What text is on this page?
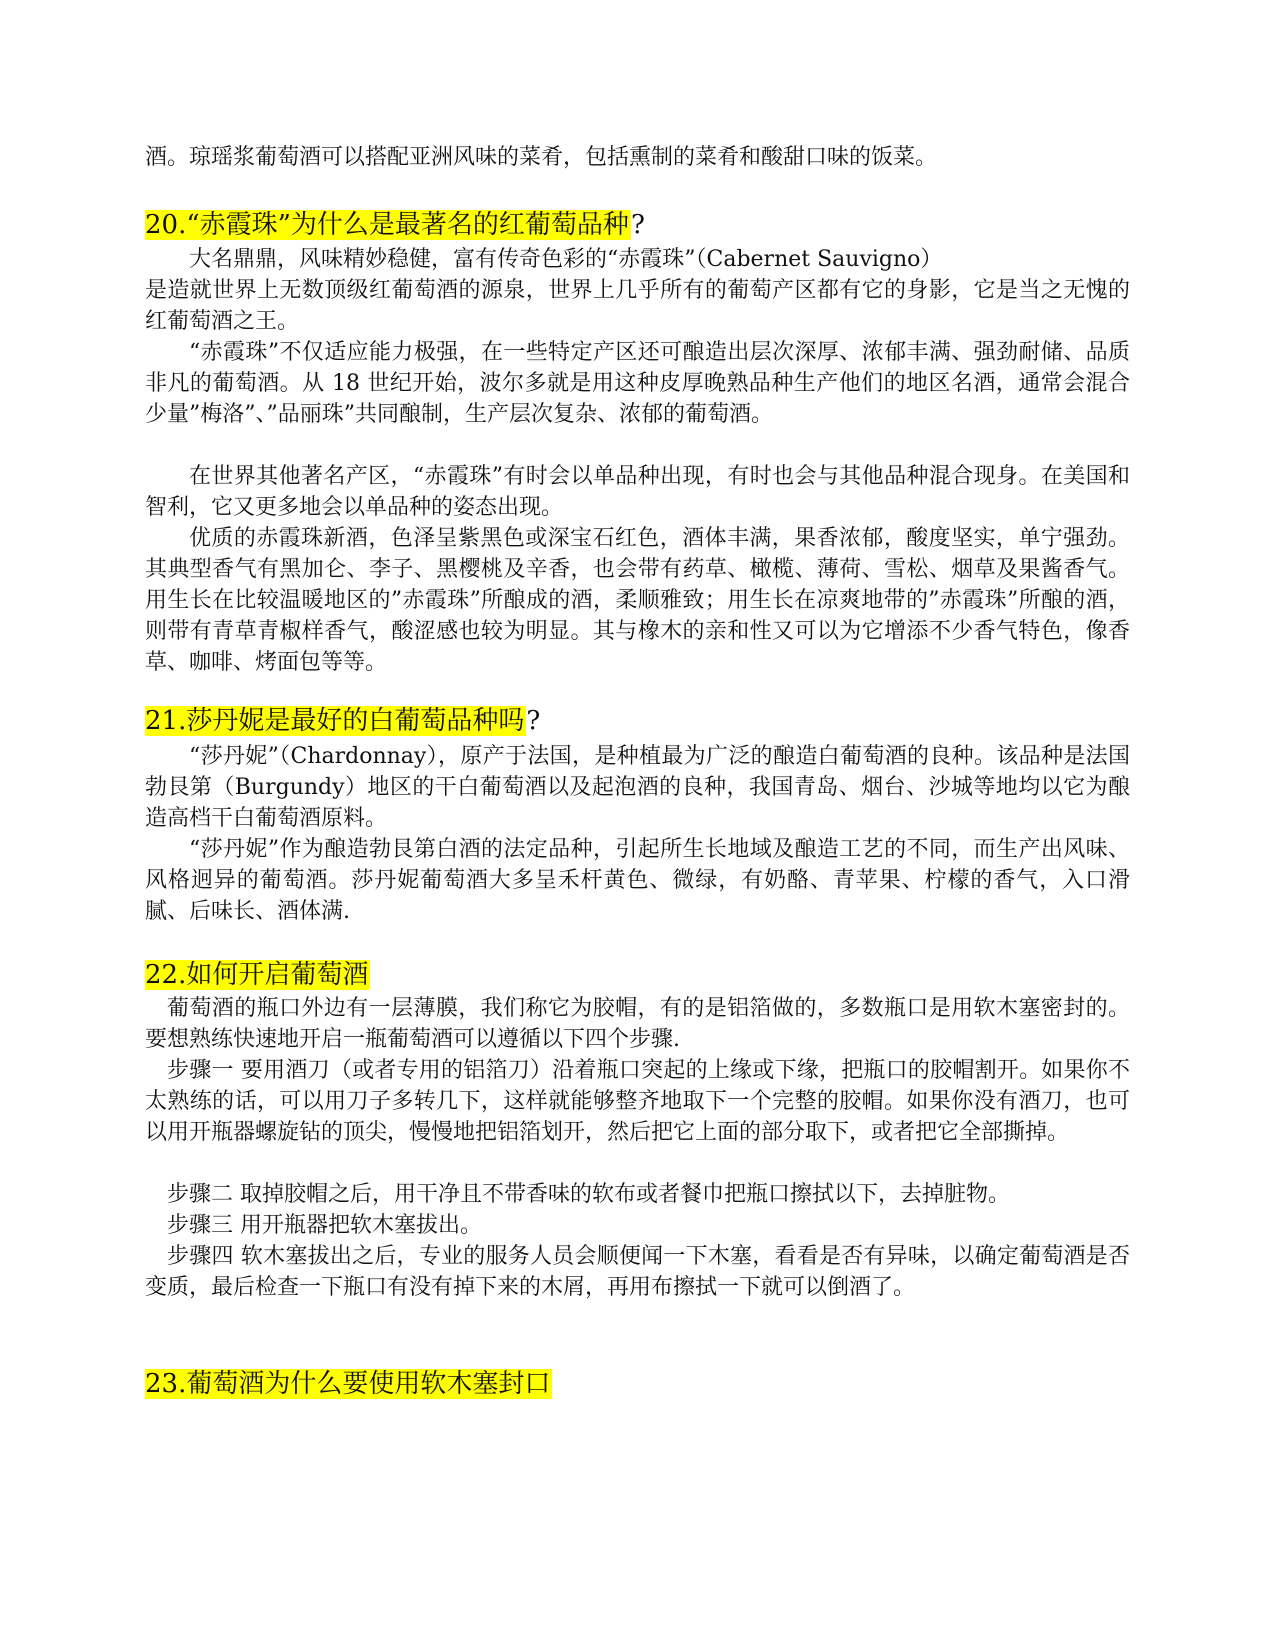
酒。琼瑶浆葡萄酒可以搭配亚洲风味的菜肴，包括熏制的菜肴和酸甜口味的饭菜。

20.“赤霞珠”为什么是最著名的红葡萄品种?

大名鼎鼎，风味精妙稳健，富有传奇色彩的“赤霞珠”（Cabernet Sauvigno）

是造就世界上无数顶级红葡萄酒的源泉，世界上几乎所有的葡萄产区都有它的身影，它是当之无愧的红葡萄酒之王。

“赤霞珠”不仅适应能力极强，在一些特定产区还可酿造出层次深厚、浓郁丰满、强劲耐储、品质非凡的葡萄酒。从 18 世纪开始，波尔多就是用这种皮厚晚熟品种生产他们的地区名酒，通常会混合少量”梅洛”、”品丽珠”共同酿制，生产层次复杂、浓郁的葡萄酒。

在世界其他著名产区，“赤霞珠”有时会以单品种出现，有时也会与其他品种混合现身。在美国和智利，它又更多地会以单品种的姿态出现。

优质的赤霞珠新酒，色泽呈紫黑色或深宝石红色，酒体丰满，果香浓郁，酸度坚实，单宁强劲。其典型香气有黑加仑、李子、黑樱桃及辛香，也会带有药草、橄榄、薄荷、雪松、烟草及果酱香气。用生长在比较温暖地区的”赤霞珠”所酿成的酒，柔顺雅致；用生长在凉爽地带的”赤霞珠”所酿的酒，则带有青草青椒样香气，酸涩感也较为明显。其与橡木的亲和性又可以为它增添不少香气特色，像香草、咖啡、烤面包等等。

21.莎丹妮是最好的白葡萄品种吗?

“莎丹妮”（Chardonnay），原产于法国，是种植最为广泛的酿造白葡萄酒的良种。该品种是法国勃艮第（Burgundy）地区的干白葡萄酒以及起泡酒的良种，我国青岛、烟台、沙城等地均以它为酿造高档干白葡萄酒原料。

“莎丹妮”作为酿造勃艮第白酒的法定品种，引起所生长地域及酿造工艺的不同，而生产出风味、风格迥异的葡萄酒。莎丹妮葡萄酒大多呈禾杆黄色、微绿，有奶酪、青苹果、柠檬的香气，入口滑腻、后味长、酒体满.

22.如何开启葡萄酒

葡萄酒的瓶口外边有一层薄膜，我们称它为胶帽，有的是铝箔做的，多数瓶口是用软木塞密封的。要想熟练快速地开启一瓶葡萄酒可以遵循以下四个步骤.

步骤一 要用酒刀（或者专用的铝箔刀）沿着瓶口突起的上缘或下缘，把瓶口的胶帽割开。如果你不太熟练的话，可以用刀子多转几下，这样就能够整齐地取下一个完整的胶帽。如果你没有酒刀，也可以用开瓶器螺旋钻的顶尖，慢慢地把铝箔划开，然后把它上面的部分取下，或者把它全部撕掉。

步骤二 取掉胶帽之后，用干净且不带香味的软布或者餐巾把瓶口擦拭以下，去掉脏物。

步骤三 用开瓶器把软木塞拔出。

步骤四 软木塞拔出之后，专业的服务人员会顺便闻一下木塞，看看是否有异味，以确定葡萄酒是否变质，最后检查一下瓶口有没有掉下来的木屑，再用布擦拭一下就可以倒酒了。

23.葡萄酒为什么要使用软木塞封口
